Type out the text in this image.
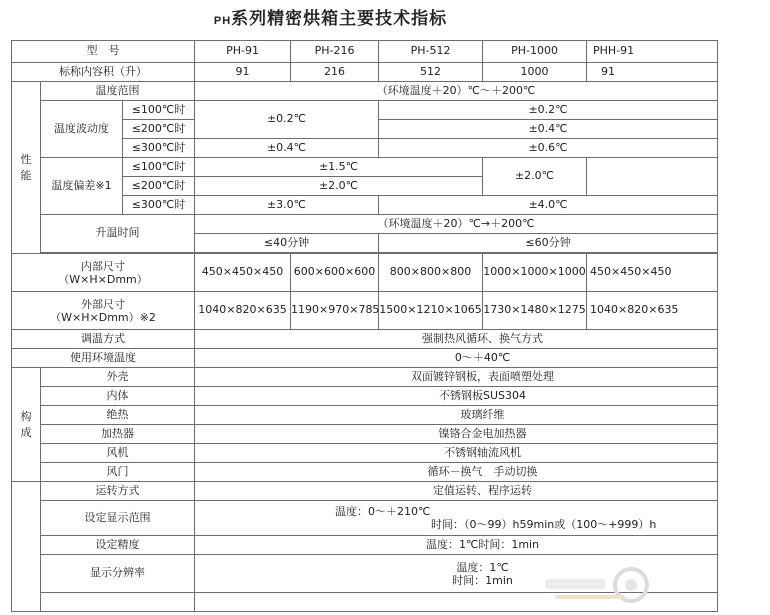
PH系列精密烘箱主要技术指标
型　号			PH-91	PH-216	PH-512	PH-1000	PHH-91
标称内容积（升）			91	216	512	1000	91
性能	温度范围		（环境温度＋20）℃～＋200℃				
	温度波动度	≤100℃时	±0.2℃		±0.2℃		
		≤200℃时			±0.4℃		
		≤300℃时	±0.4℃		±0.6℃		
	温度偏差※1	≤100℃时	±1.5℃			±2.0℃	
		≤200℃时	±2.0℃				
		≤300℃时	±3.0℃		±4.0℃		
	升温时间		（环境温度＋20）℃→＋200℃				
			≤40分钟		≤60分钟		

内部尺寸
（W×H×Dmm）			450×450×450	600×600×600	800×800×800	1000×1000×1000	450×450×450
外部尺寸
（W×H×Dmm）※2			1040×820×635	1190×970×785	1500×1210×1065	1730×1480×1275	1040×820×635
调温方式			强制热风循环、换气方式				
使用环境温度			0～＋40℃				
构成	外壳		双面镀锌钢板，表面喷塑处理				
	内体		不锈钢板SUS304				
	绝热		玻璃纤维				
	加热器		镍铬合金电加热器				
	风机		不锈钢轴流风机				
	风门		循环－换气　手动切换				
	运转方式		定值运转、程序运转				
	设定显示范围		温度：0～＋210℃
时间：（0～99）h59min或（100～+999）h				
	设定精度		温度：1℃时间：1min				
	显示分辨率		温度：1℃
时间：1min				
